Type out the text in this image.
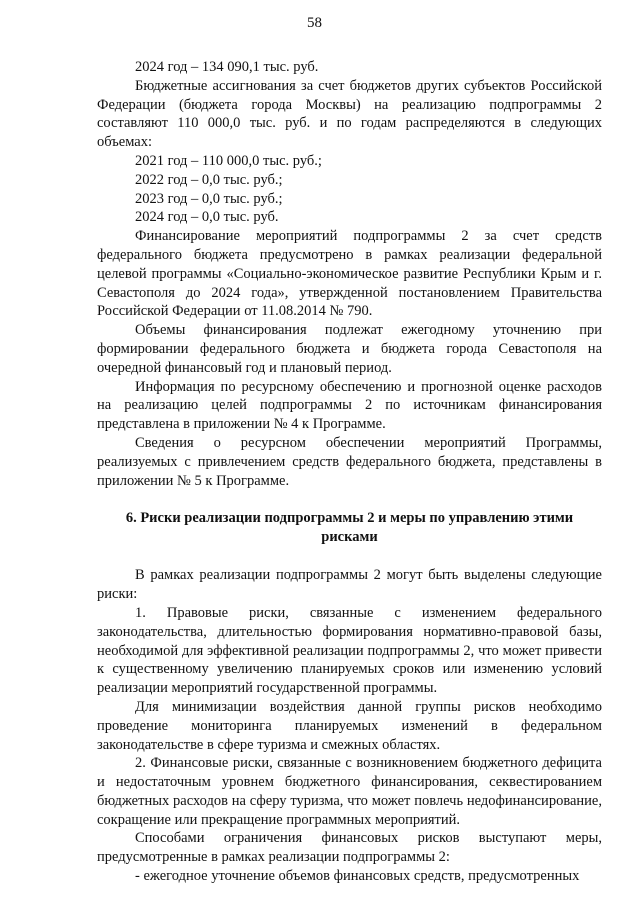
58

2024 год – 134 090,1 тыс. руб.

Бюджетные ассигнования за счет бюджетов других субъектов Российской Федерации (бюджета города Москвы) на реализацию подпрограммы 2 составляют 110 000,0 тыс. руб. и по годам распределяются в следующих объемах:

2021 год – 110 000,0 тыс. руб.;

2022 год – 0,0 тыс. руб.;

2023 год – 0,0 тыс. руб.;

2024 год – 0,0 тыс. руб.

Финансирование мероприятий подпрограммы 2 за счет средств федерального бюджета предусмотрено в рамках реализации федеральной целевой программы «Социально-экономическое развитие Республики Крым и г. Севастополя до 2024 года», утвержденной постановлением Правительства Российской Федерации от 11.08.2014 № 790.

Объемы финансирования подлежат ежегодному уточнению при формировании федерального бюджета и бюджета города Севастополя на очередной финансовый год и плановый период.

Информация по ресурсному обеспечению и прогнозной оценке расходов на реализацию целей подпрограммы 2 по источникам финансирования представлена в приложении № 4 к Программе.

Сведения о ресурсном обеспечении мероприятий Программы, реализуемых с привлечением средств федерального бюджета, представлены в приложении № 5 к Программе.

6. Риски реализации подпрограммы 2 и меры по управлению этими рисками

В рамках реализации подпрограммы 2 могут быть выделены следующие риски:

1. Правовые риски, связанные с изменением федерального законодательства, длительностью формирования нормативно-правовой базы, необходимой для эффективной реализации подпрограммы 2, что может привести к существенному увеличению планируемых сроков или изменению условий реализации мероприятий государственной программы.

Для минимизации воздействия данной группы рисков необходимо проведение мониторинга планируемых изменений в федеральном законодательстве в сфере туризма и смежных областях.

2. Финансовые риски, связанные с возникновением бюджетного дефицита и недостаточным уровнем бюджетного финансирования, секвестированием бюджетных расходов на сферу туризма, что может повлечь недофинансирование, сокращение или прекращение программных мероприятий.

Способами ограничения финансовых рисков выступают меры, предусмотренные в рамках реализации подпрограммы 2:

- ежегодное уточнение объемов финансовых средств, предусмотренных
